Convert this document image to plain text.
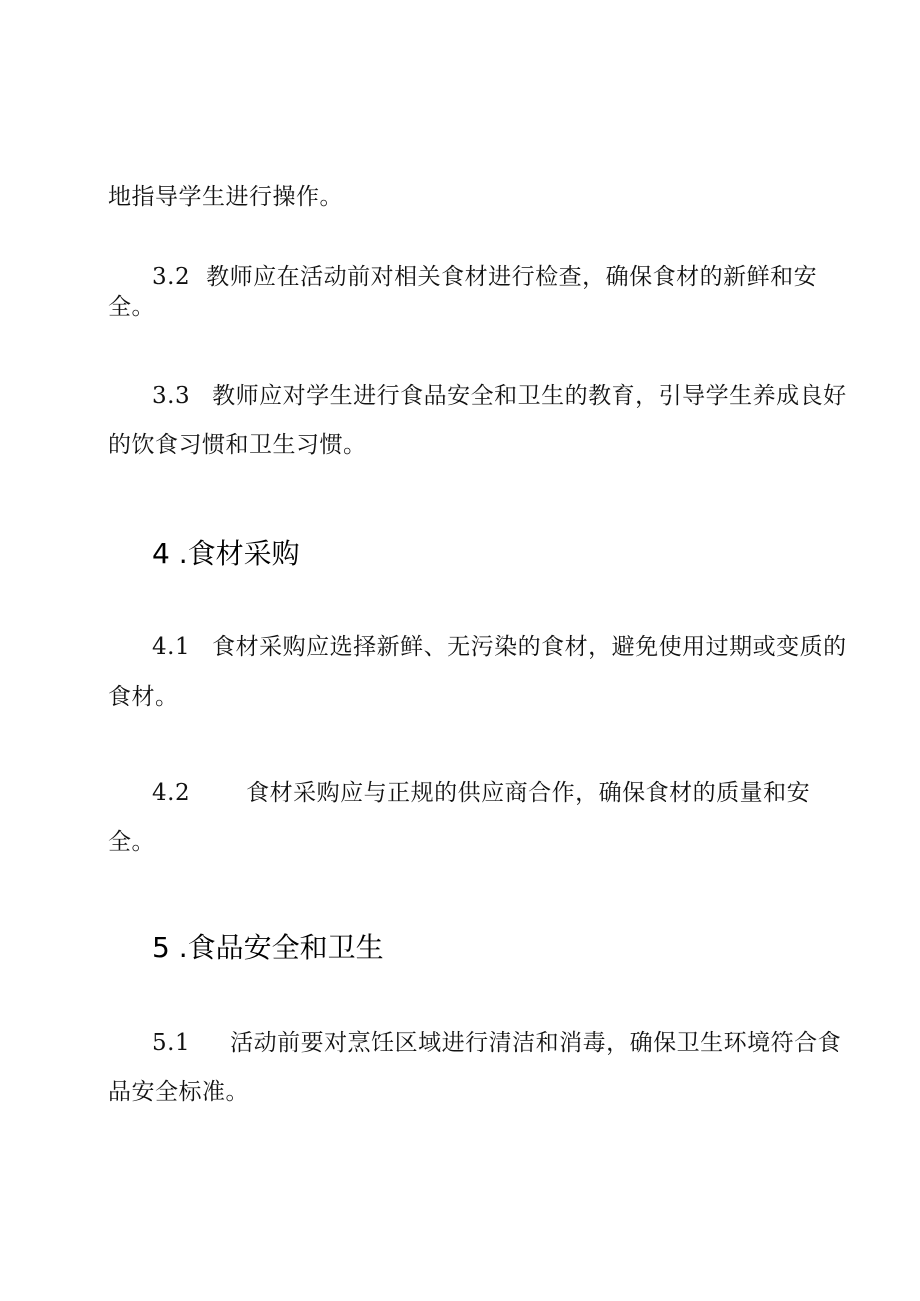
地指导学生进行操作。
3.2 教师应在活动前对相关食材进行检查，确保食材的新鲜和安
全。
3.3 教师应对学生进行食品安全和卫生的教育，引导学生养成良好
的饮食习惯和卫生习惯。
4 .食材采购
4.1 食材采购应选择新鲜、无污染的食材，避免使用过期或变质的
食材。
4.2 食材采购应与正规的供应商合作，确保食材的质量和安
全。
5 .食品安全和卫生
5.1 活动前要对烹饪区域进行清洁和消毒，确保卫生环境符合食
品安全标准。
